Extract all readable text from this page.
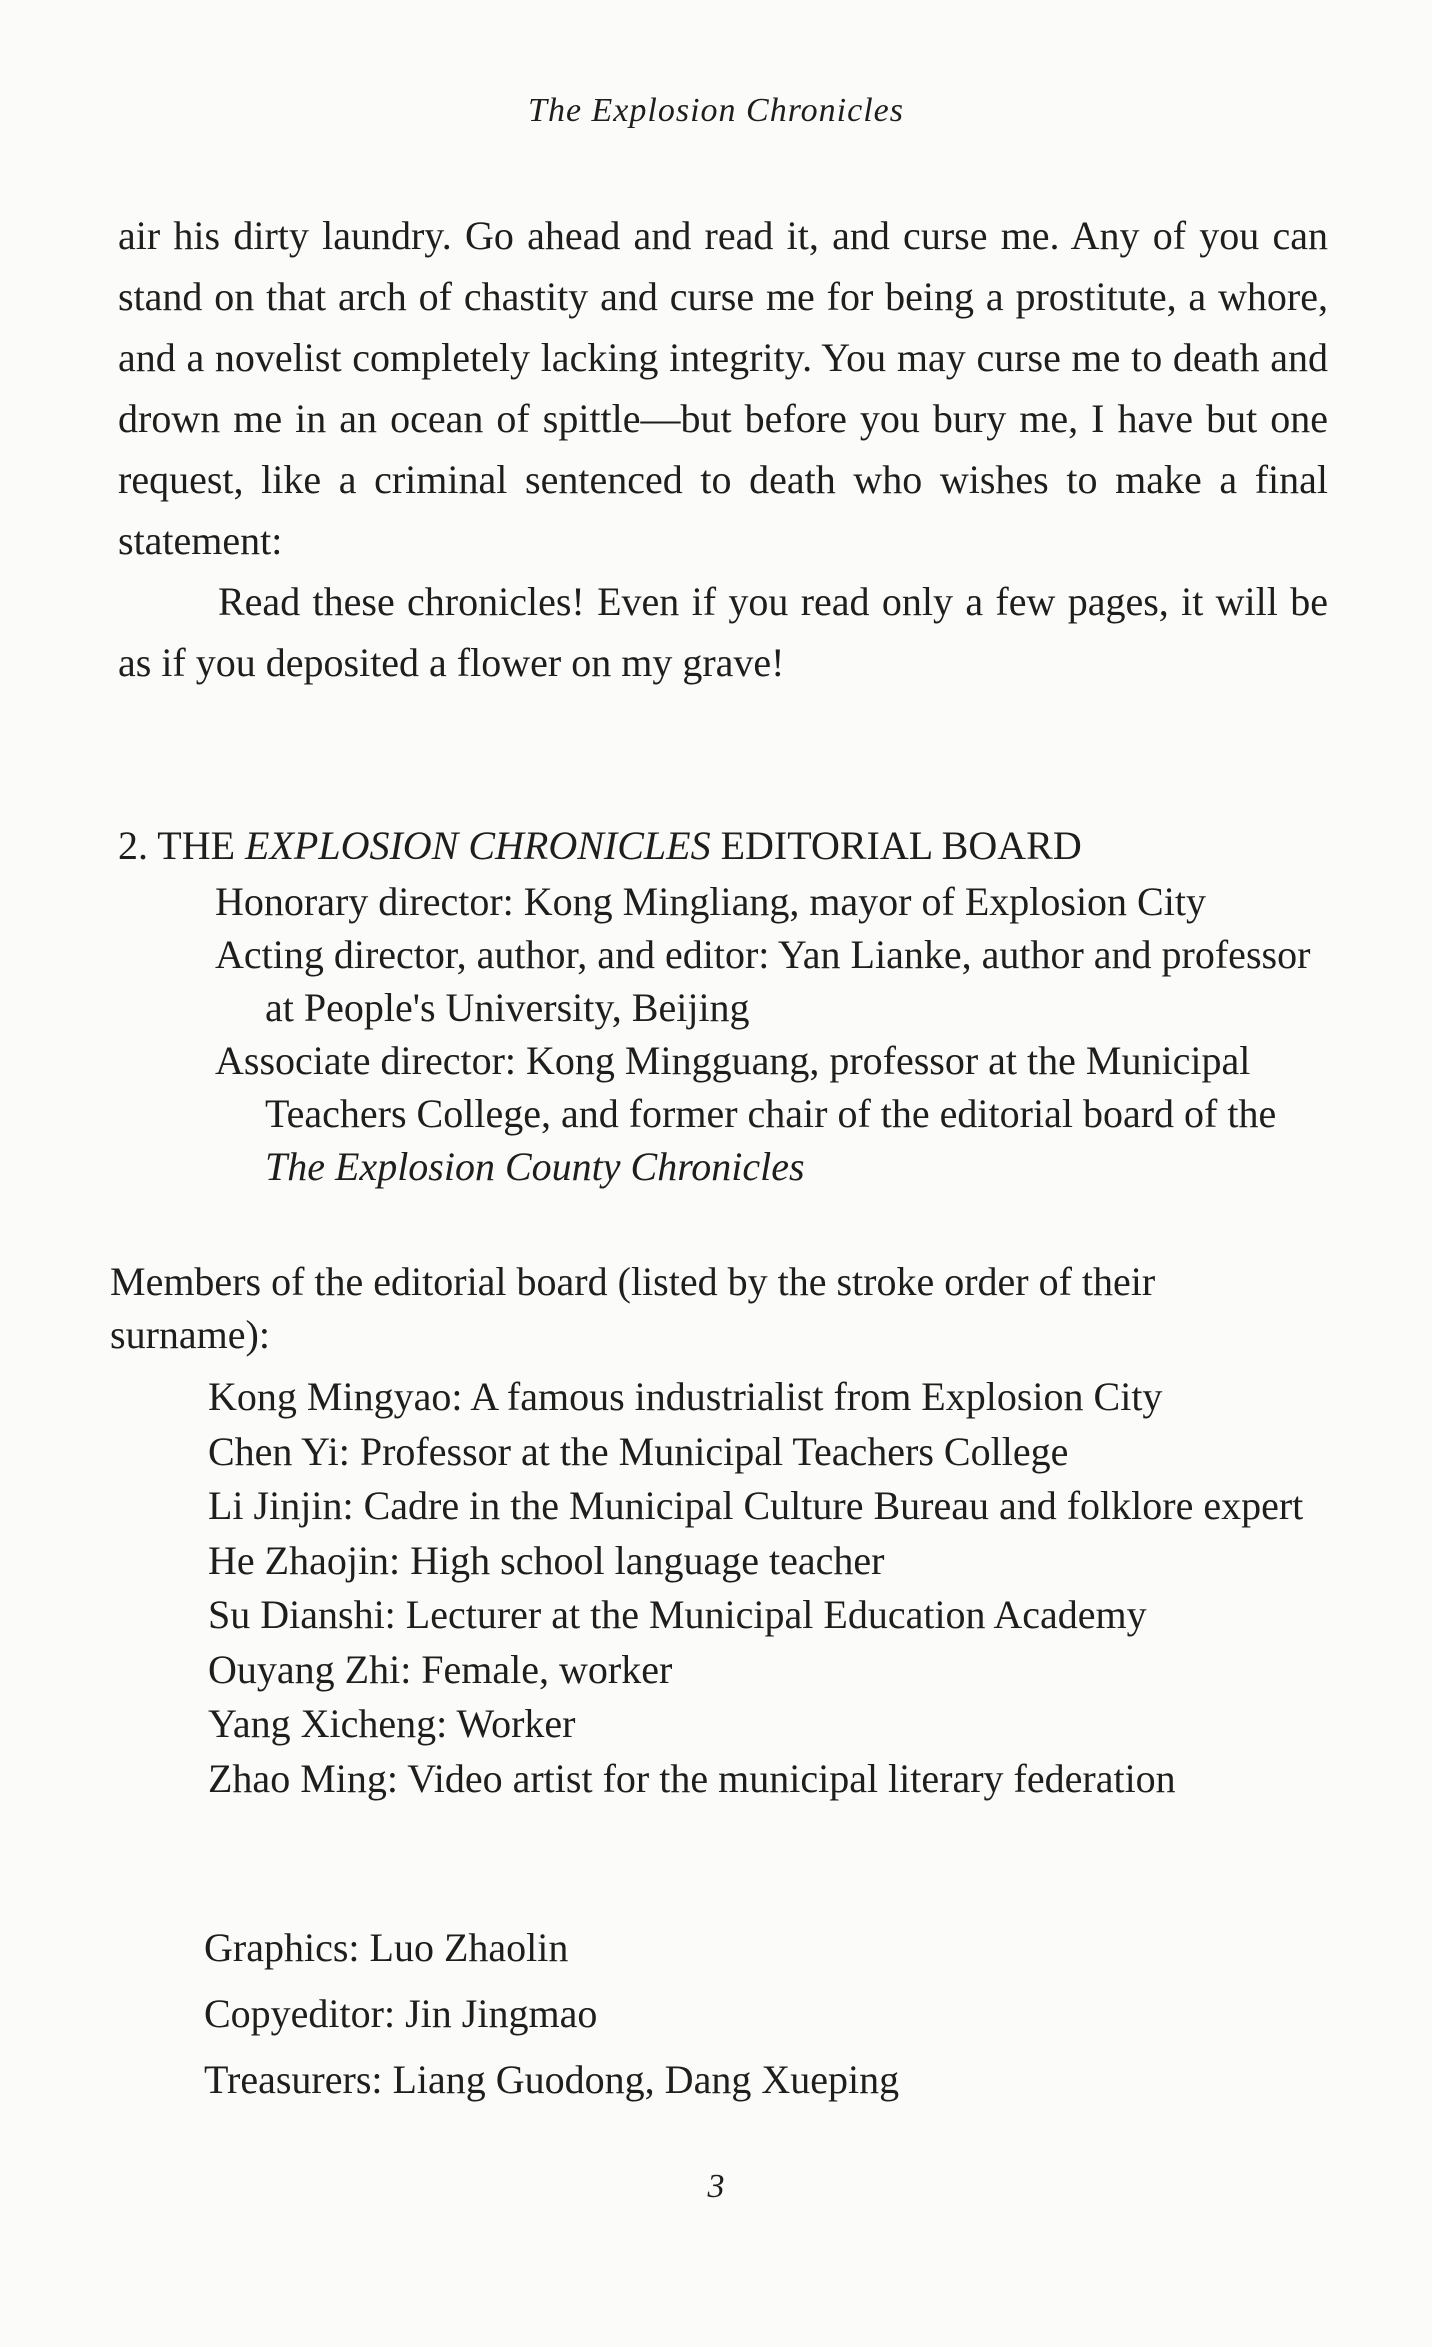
The Explosion Chronicles

air his dirty laundry. Go ahead and read it, and curse me. Any of you can stand on that arch of chastity and curse me for being a prostitute, a whore, and a novelist completely lacking integrity. You may curse me to death and drown me in an ocean of spittle—but before you bury me, I have but one request, like a criminal sentenced to death who wishes to make a final statement:

Read these chronicles! Even if you read only a few pages, it will be as if you deposited a flower on my grave!

2. THE EXPLOSION CHRONICLES EDITORIAL BOARD
Honorary director: Kong Mingliang, mayor of Explosion City
Acting director, author, and editor: Yan Lianke, author and professor at People's University, Beijing
Associate director: Kong Mingguang, professor at the Municipal Teachers College, and former chair of the editorial board of the The Explosion County Chronicles
Members of the editorial board (listed by the stroke order of their surname):
Kong Mingyao: A famous industrialist from Explosion City
Chen Yi: Professor at the Municipal Teachers College
Li Jinjin: Cadre in the Municipal Culture Bureau and folklore expert
He Zhaojin: High school language teacher
Su Dianshi: Lecturer at the Municipal Education Academy
Ouyang Zhi: Female, worker
Yang Xicheng: Worker
Zhao Ming: Video artist for the municipal literary federation
Graphics: Luo Zhaolin
Copyeditor: Jin Jingmao
Treasurers: Liang Guodong, Dang Xueping
3
